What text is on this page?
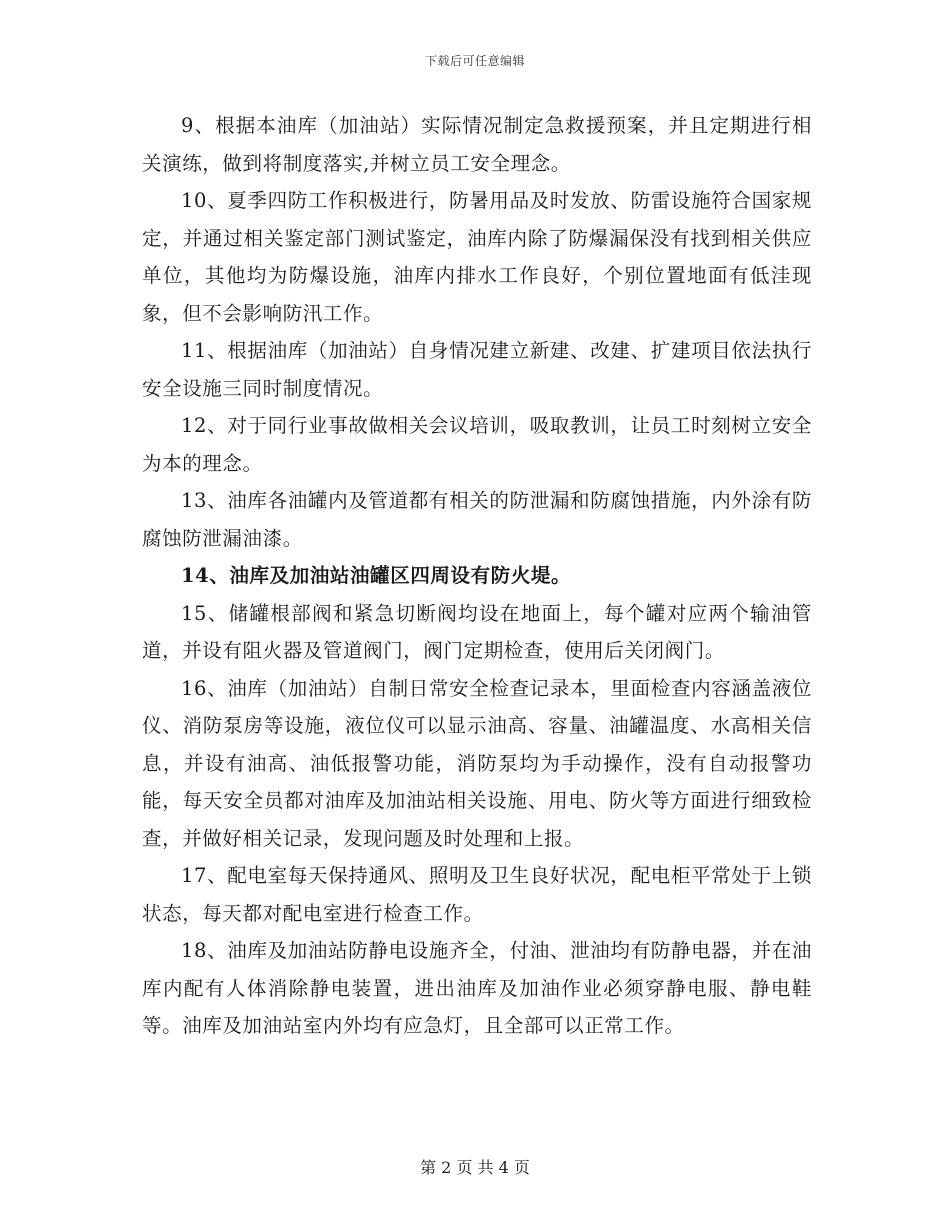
下载后可任意编辑

9、根据本油库（加油站）实际情况制定急救援预案，并且定期进行相关演练，做到将制度落实,并树立员工安全理念。

10、夏季四防工作积极进行，防暑用品及时发放、防雷设施符合国家规定，并通过相关鉴定部门测试鉴定，油库内除了防爆漏保没有找到相关供应单位，其他均为防爆设施，油库内排水工作良好，个别位置地面有低洼现象，但不会影响防汛工作。

11、根据油库（加油站）自身情况建立新建、改建、扩建项目依法执行安全设施三同时制度情况。

12、对于同行业事故做相关会议培训，吸取教训，让员工时刻树立安全为本的理念。

13、油库各油罐内及管道都有相关的防泄漏和防腐蚀措施，内外涂有防腐蚀防泄漏油漆。

14、油库及加油站油罐区四周设有防火堤。

15、储罐根部阀和紧急切断阀均设在地面上，每个罐对应两个输油管道，并设有阻火器及管道阀门，阀门定期检查，使用后关闭阀门。

16、油库（加油站）自制日常安全检查记录本，里面检查内容涵盖液位仪、消防泵房等设施，液位仪可以显示油高、容量、油罐温度、水高相关信息，并设有油高、油低报警功能，消防泵均为手动操作，没有自动报警功能，每天安全员都对油库及加油站相关设施、用电、防火等方面进行细致检查，并做好相关记录，发现问题及时处理和上报。

17、配电室每天保持通风、照明及卫生良好状况，配电柜平常处于上锁状态，每天都对配电室进行检查工作。

18、油库及加油站防静电设施齐全，付油、泄油均有防静电器，并在油库内配有人体消除静电装置，进出油库及加油作业必须穿静电服、静电鞋等。油库及加油站室内外均有应急灯，且全部可以正常工作。

第 2 页 共 4 页
